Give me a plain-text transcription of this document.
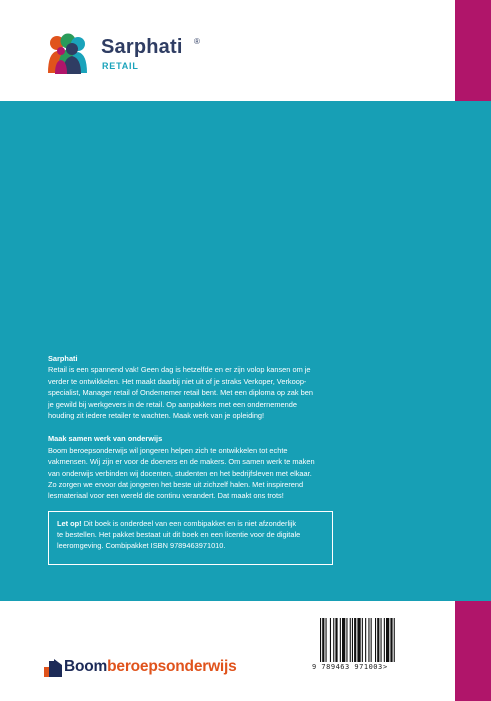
Sarphati ®
RETAIL
Sarphati

Retail is een spannend vak! Geen dag is hetzelfde en er zijn volop kansen om je
verder te ontwikkelen. Het maakt daarbij niet uit of je straks Verkoper, Verkoop-
specialist, Manager retail of Ondernemer retail bent. Met een diploma op zak ben
je gewild bij werkgevers in de retail. Op aanpakkers met een ondernemende
houding zit iedere retailer te wachten. Maak werk van je opleiding!

Maak samen werk van onderwijs

Boom beroepsonderwijs wil jongeren helpen zich te ontwikkelen tot echte
vakmensen. Wij zijn er voor de doeners en de makers. Om samen werk te maken
van onderwijs verbinden wij docenten, studenten en het bedrijfsleven met elkaar.
Zo zorgen we ervoor dat jongeren het beste uit zichzelf halen. Met inspirerend
lesmateriaal voor een wereld die continu verandert. Dat maakt ons trots!

Let op! Dit boek is onderdeel van een combipakket en is niet afzonderlijk
te bestellen. Het pakket bestaat uit dit boek en een licentie voor de digitale
leeromgeving. Combipakket ISBN 9789463971010.
9 789463 971003 >
Boom beroepsonderwijs
